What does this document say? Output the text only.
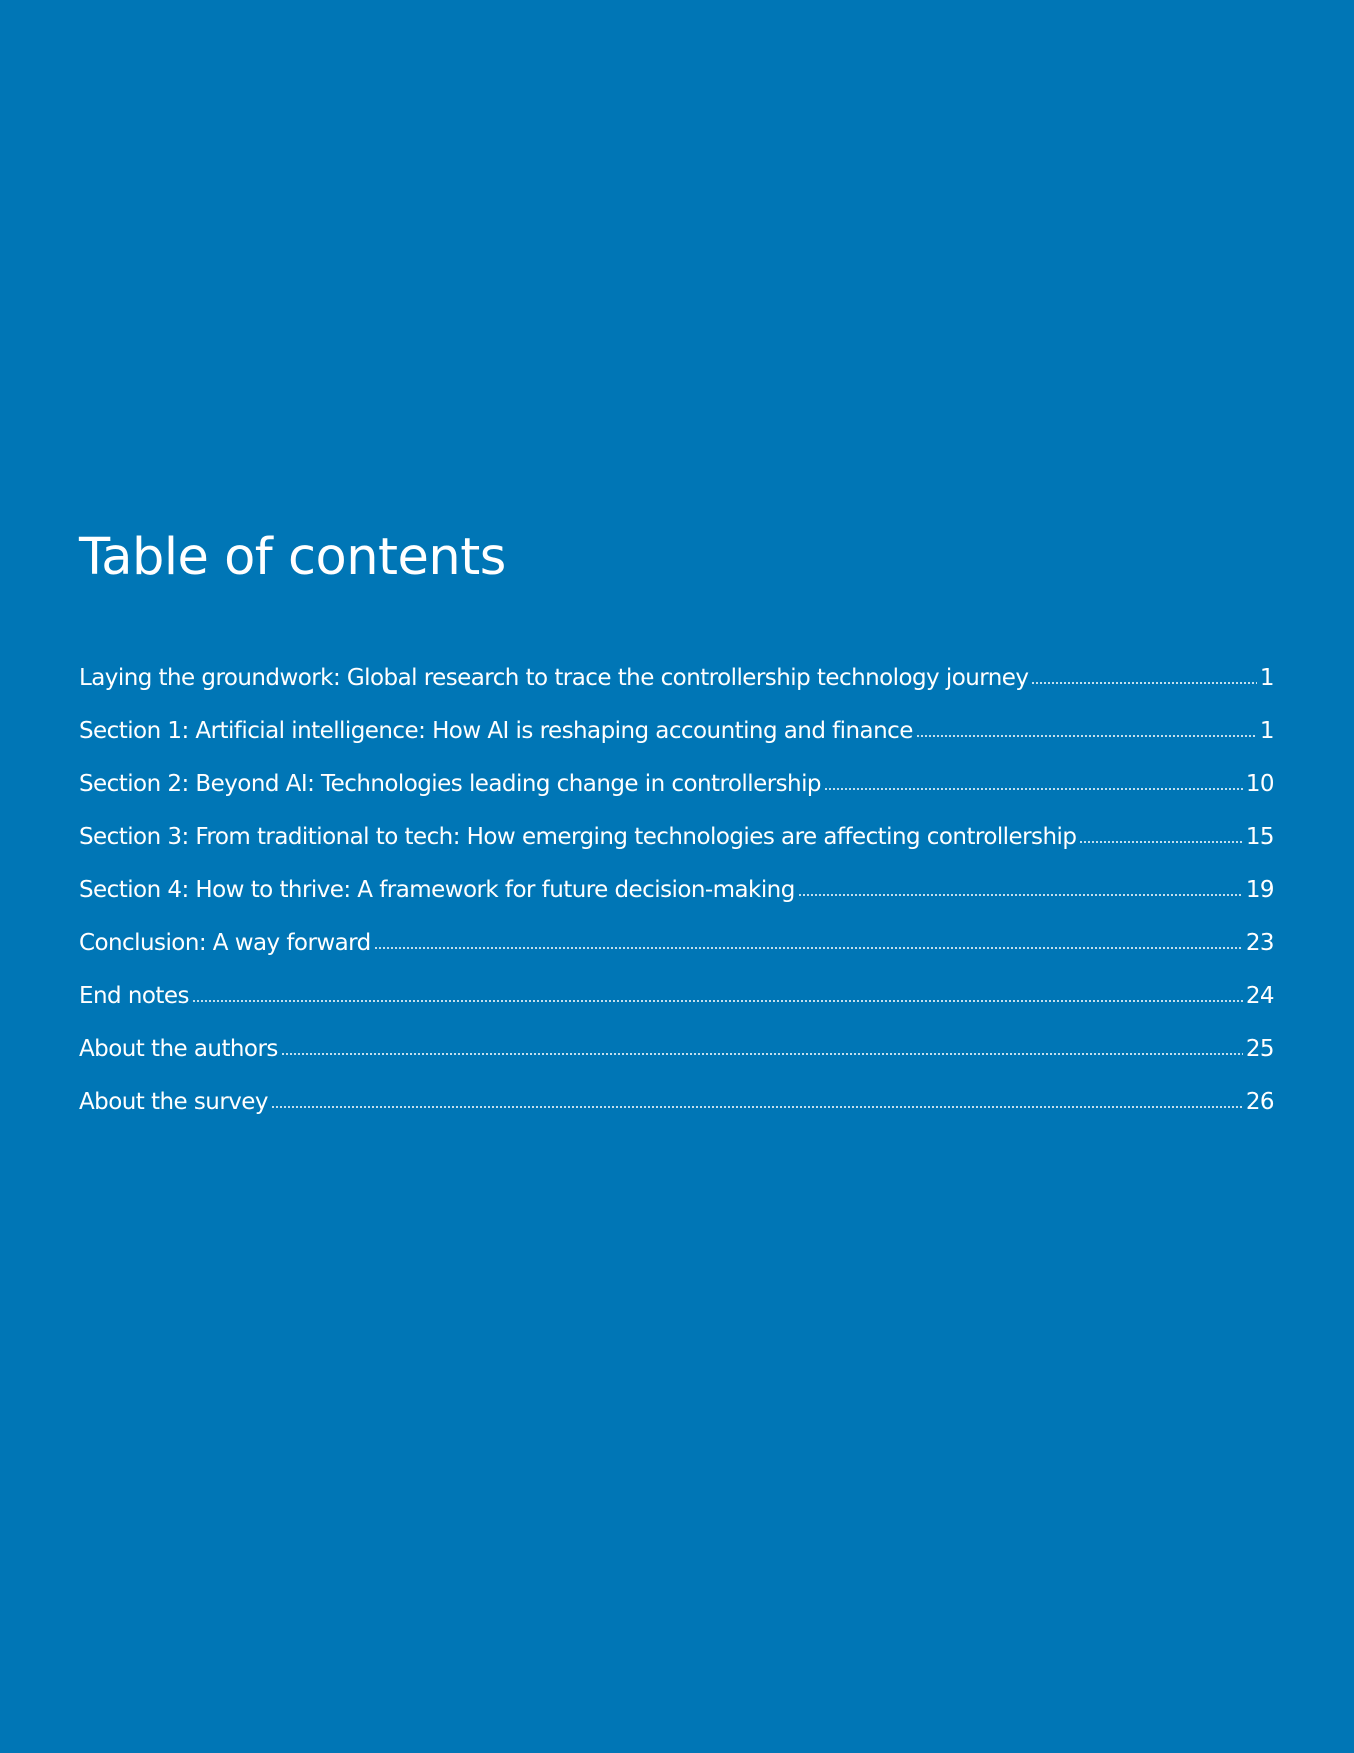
Table of contents
Laying the groundwork: Global research to trace the controllership technology journey	1
Section 1: Artificial intelligence: How AI is reshaping accounting and finance	1
Section 2: Beyond AI: Technologies leading change in controllership	10
Section 3: From traditional to tech: How emerging technologies are affecting controllership	15
Section 4: How to thrive: A framework for future decision-making	19
Conclusion: A way forward	23
End notes	24
About the authors	25
About the survey	26
